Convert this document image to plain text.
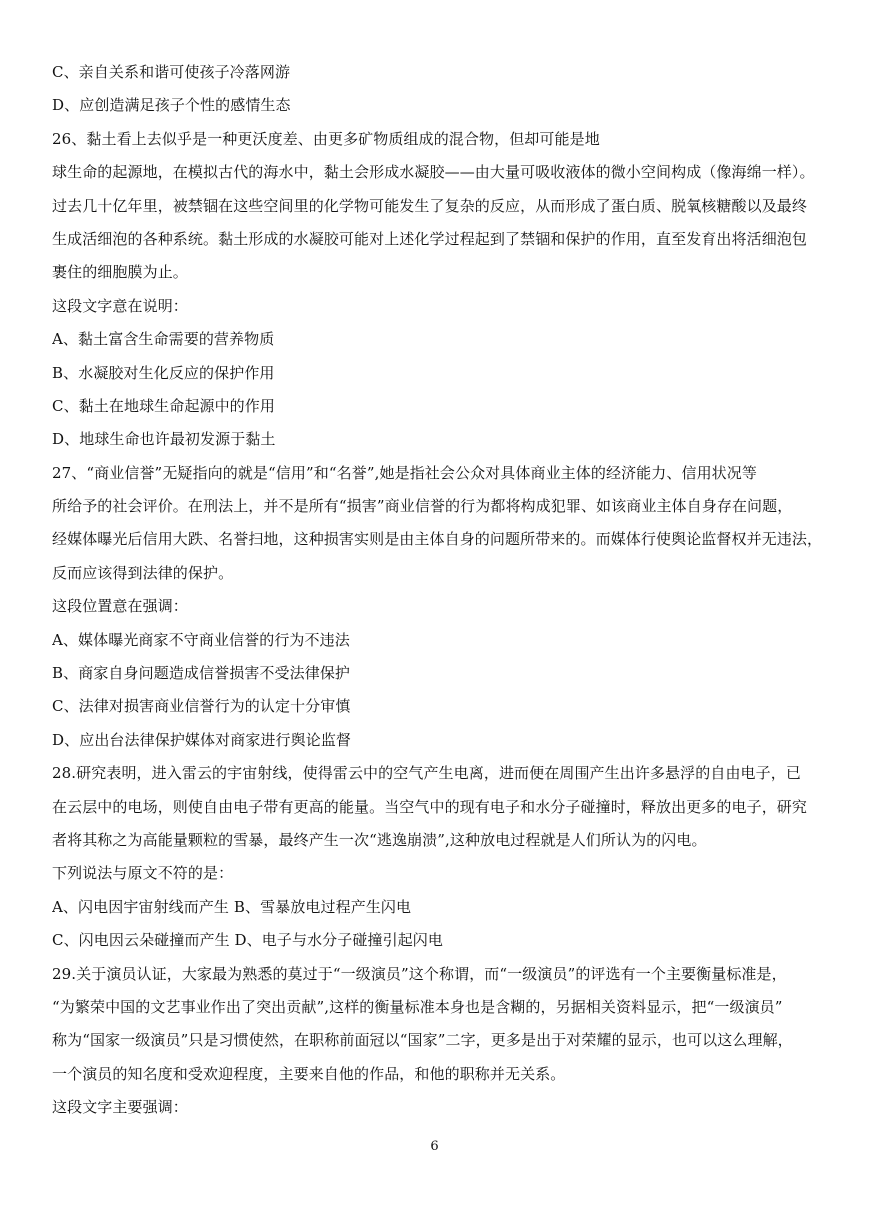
C、亲自关系和谐可使孩子冷落网游
D、应创造满足孩子个性的感情生态
26、黏土看上去似乎是一种更沃度差、由更多矿物质组成的混合物，但却可能是地
球生命的起源地，在模拟古代的海水中，黏土会形成水凝胶——由大量可吸收液体的微小空间构成（像海绵一样）。
过去几十亿年里，被禁锢在这些空间里的化学物可能发生了复杂的反应，从而形成了蛋白质、脱氧核糖酸以及最终
生成活细泡的各种系统。黏土形成的水凝胶可能对上述化学过程起到了禁锢和保护的作用，直至发育出将活细泡包
裹住的细胞膜为止。
这段文字意在说明：
A、黏土富含生命需要的营养物质
B、水凝胶对生化反应的保护作用
C、黏土在地球生命起源中的作用
D、地球生命也许最初发源于黏土
27、“商业信誉”无疑指向的就是“信用”和“名誉”,她是指社会公众对具体商业主体的经济能力、信用状况等
所给予的社会评价。在刑法上，并不是所有“损害”商业信誉的行为都将构成犯罪、如该商业主体自身存在问题，
经媒体曝光后信用大跌、名誉扫地，这种损害实则是由主体自身的问题所带来的。而媒体行使舆论监督权并无违法，
反而应该得到法律的保护。
这段位置意在强调：
A、媒体曝光商家不守商业信誉的行为不违法
B、商家自身问题造成信誉损害不受法律保护
C、法律对损害商业信誉行为的认定十分审慎
D、应出台法律保护媒体对商家进行舆论监督
28.研究表明，进入雷云的宇宙射线，使得雷云中的空气产生电离，进而便在周围产生出许多悬浮的自由电子，已
在云层中的电场，则使自由电子带有更高的能量。当空气中的现有电子和水分子碰撞时，释放出更多的电子，研究
者将其称之为高能量颗粒的雪暴，最终产生一次“逃逸崩溃”,这种放电过程就是人们所认为的闪电。
下列说法与原文不符的是：
A、闪电因宇宙射线而产生 B、雪暴放电过程产生闪电
C、闪电因云朵碰撞而产生 D、电子与水分子碰撞引起闪电
29.关于演员认证，大家最为熟悉的莫过于“一级演员”这个称谓，而“一级演员”的评选有一个主要衡量标准是，
“为繁荣中国的文艺事业作出了突出贡献”,这样的衡量标准本身也是含糊的，另据相关资料显示，把“一级演员”
称为“国家一级演员”只是习惯使然，在职称前面冠以“国家”二字，更多是出于对荣耀的显示，也可以这么理解，
一个演员的知名度和受欢迎程度，主要来自他的作品，和他的职称并无关系。
这段文字主要强调：
6
